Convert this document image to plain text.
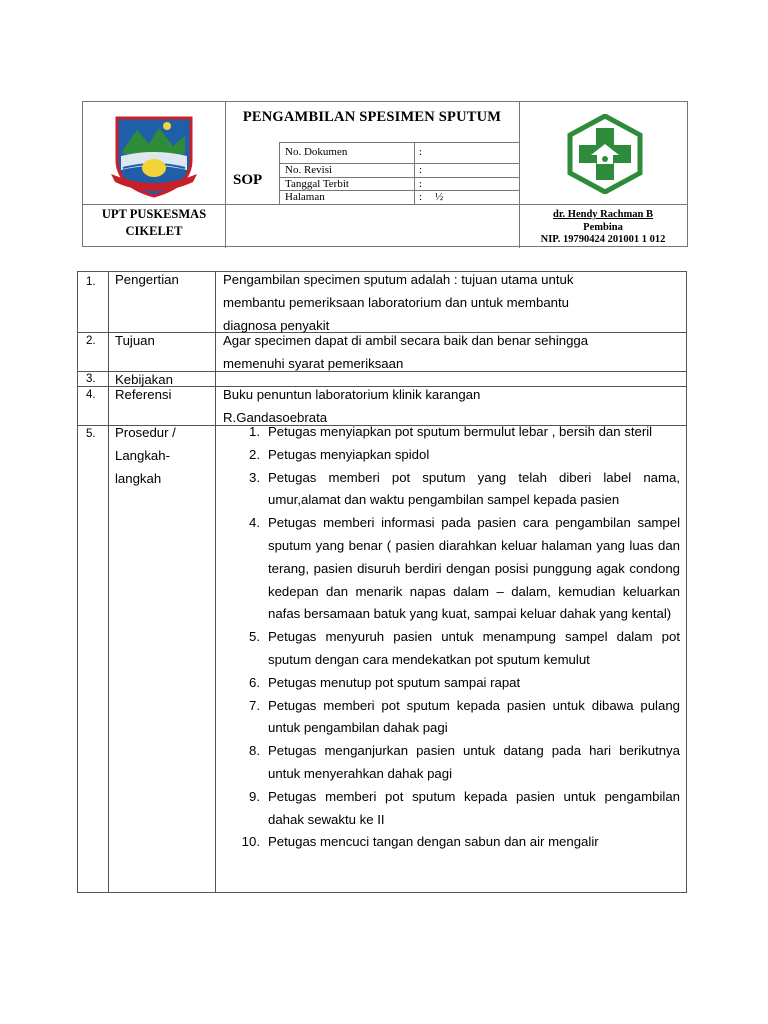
PENGAMBILAN SPESIMEN SPUTUM
SOP
No. Dokumen	:
No. Revisi	:
Tanggal Terbit	:
Halaman	: ½
UPT PUSKESMAS
CIKELET
dr. Hendy Rachman B
Pembina
NIP. 19790424 201001 1 012
1. Pengertian	Pengambilan specimen sputum adalah : tujuan utama untuk membantu pemeriksaan laboratorium dan untuk membantu diagnosa penyakit
2. Tujuan	Agar specimen dapat di ambil secara baik dan benar sehingga memenuhi syarat pemeriksaan
3. Kebijakan
4. Referensi	Buku penuntun laboratorium klinik karangan R.Gandasoebrata
5. Prosedur /
Langkah-
langkah
1. Petugas menyiapkan pot sputum bermulut lebar , bersih dan steril
2. Petugas menyiapkan spidol
3. Petugas memberi pot sputum yang telah diberi label nama, umur,alamat dan waktu pengambilan sampel kepada pasien
4. Petugas memberi informasi pada pasien cara pengambilan sampel sputum yang benar ( pasien diarahkan keluar halaman yang luas dan terang, pasien disuruh berdiri dengan posisi punggung agak condong kedepan dan menarik napas dalam – dalam, kemudian keluarkan nafas bersamaan batuk yang kuat, sampai keluar dahak yang kental)
5. Petugas menyuruh pasien untuk menampung sampel dalam pot sputum dengan cara mendekatkan pot sputum kemulut
6. Petugas menutup pot sputum sampai rapat
7. Petugas memberi pot sputum kepada pasien untuk dibawa pulang untuk pengambilan dahak pagi
8. Petugas menganjurkan pasien untuk datang pada hari berikutnya untuk menyerahkan dahak pagi
9. Petugas memberi pot sputum kepada pasien untuk pengambilan dahak sewaktu ke II
10. Petugas mencuci tangan dengan sabun dan air mengalir
